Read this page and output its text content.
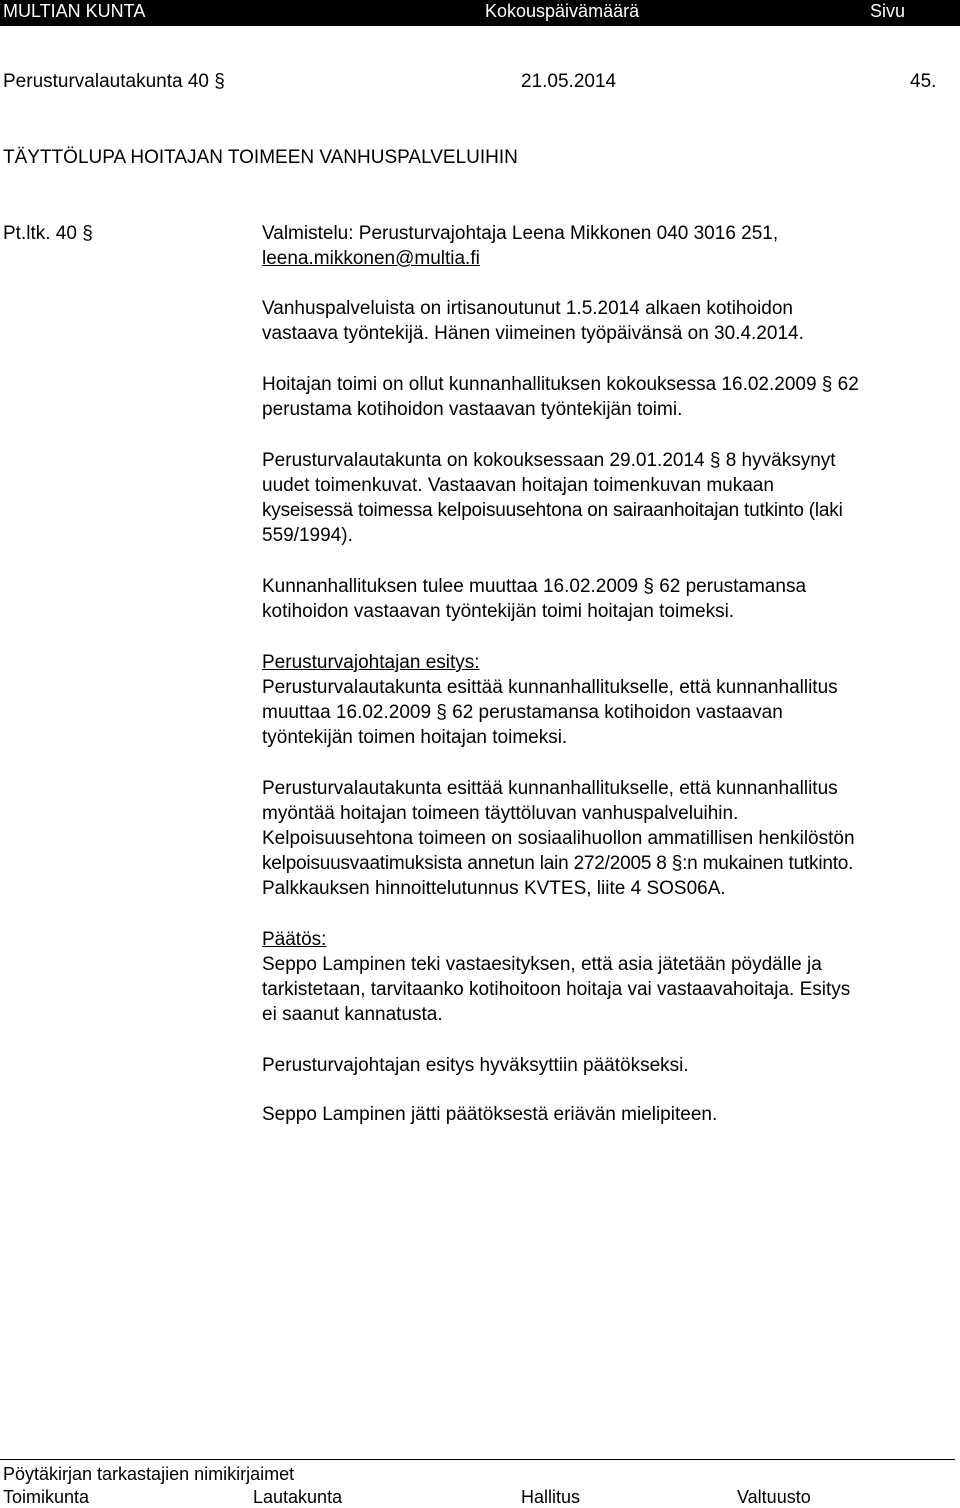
MULTIAN KUNTA	Kokouspäivämäärä	Sivu
Perusturvalautakunta 40 §	21.05.2014	45.
TÄYTTÖLUPA HOITAJAN TOIMEEN VANHUSPALVELUIHIN
Pt.ltk. 40 §	Valmistelu: Perusturvajohtaja Leena Mikkonen 040 3016 251,
leena.mikkonen@multia.fi
Vanhuspalveluista on irtisanoutunut 1.5.2014 alkaen kotihoidon
vastaava työntekijä. Hänen viimeinen työpäivänsä on 30.4.2014.
Hoitajan toimi on ollut kunnanhallituksen kokouksessa 16.02.2009 § 62
perustama kotihoidon vastaavan työntekijän toimi.
Perusturvalautakunta on kokouksessaan 29.01.2014 § 8 hyväksynyt
uudet toimenkuvat. Vastaavan hoitajan toimenkuvan mukaan
kyseisessä toimessa kelpoisuusehtona on sairaanhoitajan tutkinto (laki
559/1994).
Kunnanhallituksen tulee muuttaa 16.02.2009 § 62 perustamansa
kotihoidon vastaavan työntekijän toimi hoitajan toimeksi.
Perusturvajohtajan esitys:
Perusturvalautakunta esittää kunnanhallitukselle, että kunnanhallitus
muuttaa 16.02.2009 § 62 perustamansa kotihoidon vastaavan
työntekijän toimen hoitajan toimeksi.
Perusturvalautakunta esittää kunnanhallitukselle, että kunnanhallitus
myöntää hoitajan toimeen täyttöluvan vanhuspalveluihin.
Kelpoisuusehtona toimeen on sosiaalihuollon ammatillisen henkilöstön
kelpoisuusvaatimuksista annetun lain 272/2005 8 §:n mukainen tutkinto.
Palkkauksen hinnoittelutunnus KVTES, liite 4 SOS06A.
Päätös:
Seppo Lampinen teki vastaesityksen, että asia jätetään pöydälle ja
tarkistetaan, tarvitaanko kotihoitoon hoitaja vai vastaavahoitaja. Esitys
ei saanut kannatusta.
Perusturvajohtajan esitys hyväksyttiin päätökseksi.
Seppo Lampinen jätti päätöksestä eriävän mielipiteen.
Pöytäkirjan tarkastajien nimikirjaimet
Toimikunta	Lautakunta	Hallitus	Valtuusto
